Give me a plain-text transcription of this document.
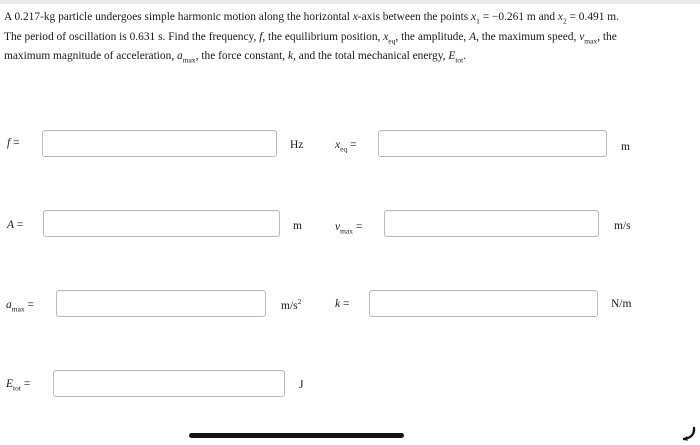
A 0.217-kg particle undergoes simple harmonic motion along the horizontal x-axis between the points $x_1 = -0.261$ m and $x_2 = 0.491$ m. The period of oscillation is 0.631 s. Find the frequency, f, the equilibrium position, $x_{eq}$, the amplitude, A, the maximum speed, $v_{max}$, the maximum magnitude of acceleration, $a_{max}$, the force constant, k, and the total mechanical energy, $E_{tot}$.
f =	Hz	$x_{eq}$ =	m
A =	m	$v_{max}$ =	m/s
$a_{max}$ =	$m/s^2$	k =	N/m
$E_{tot}$ =	J
